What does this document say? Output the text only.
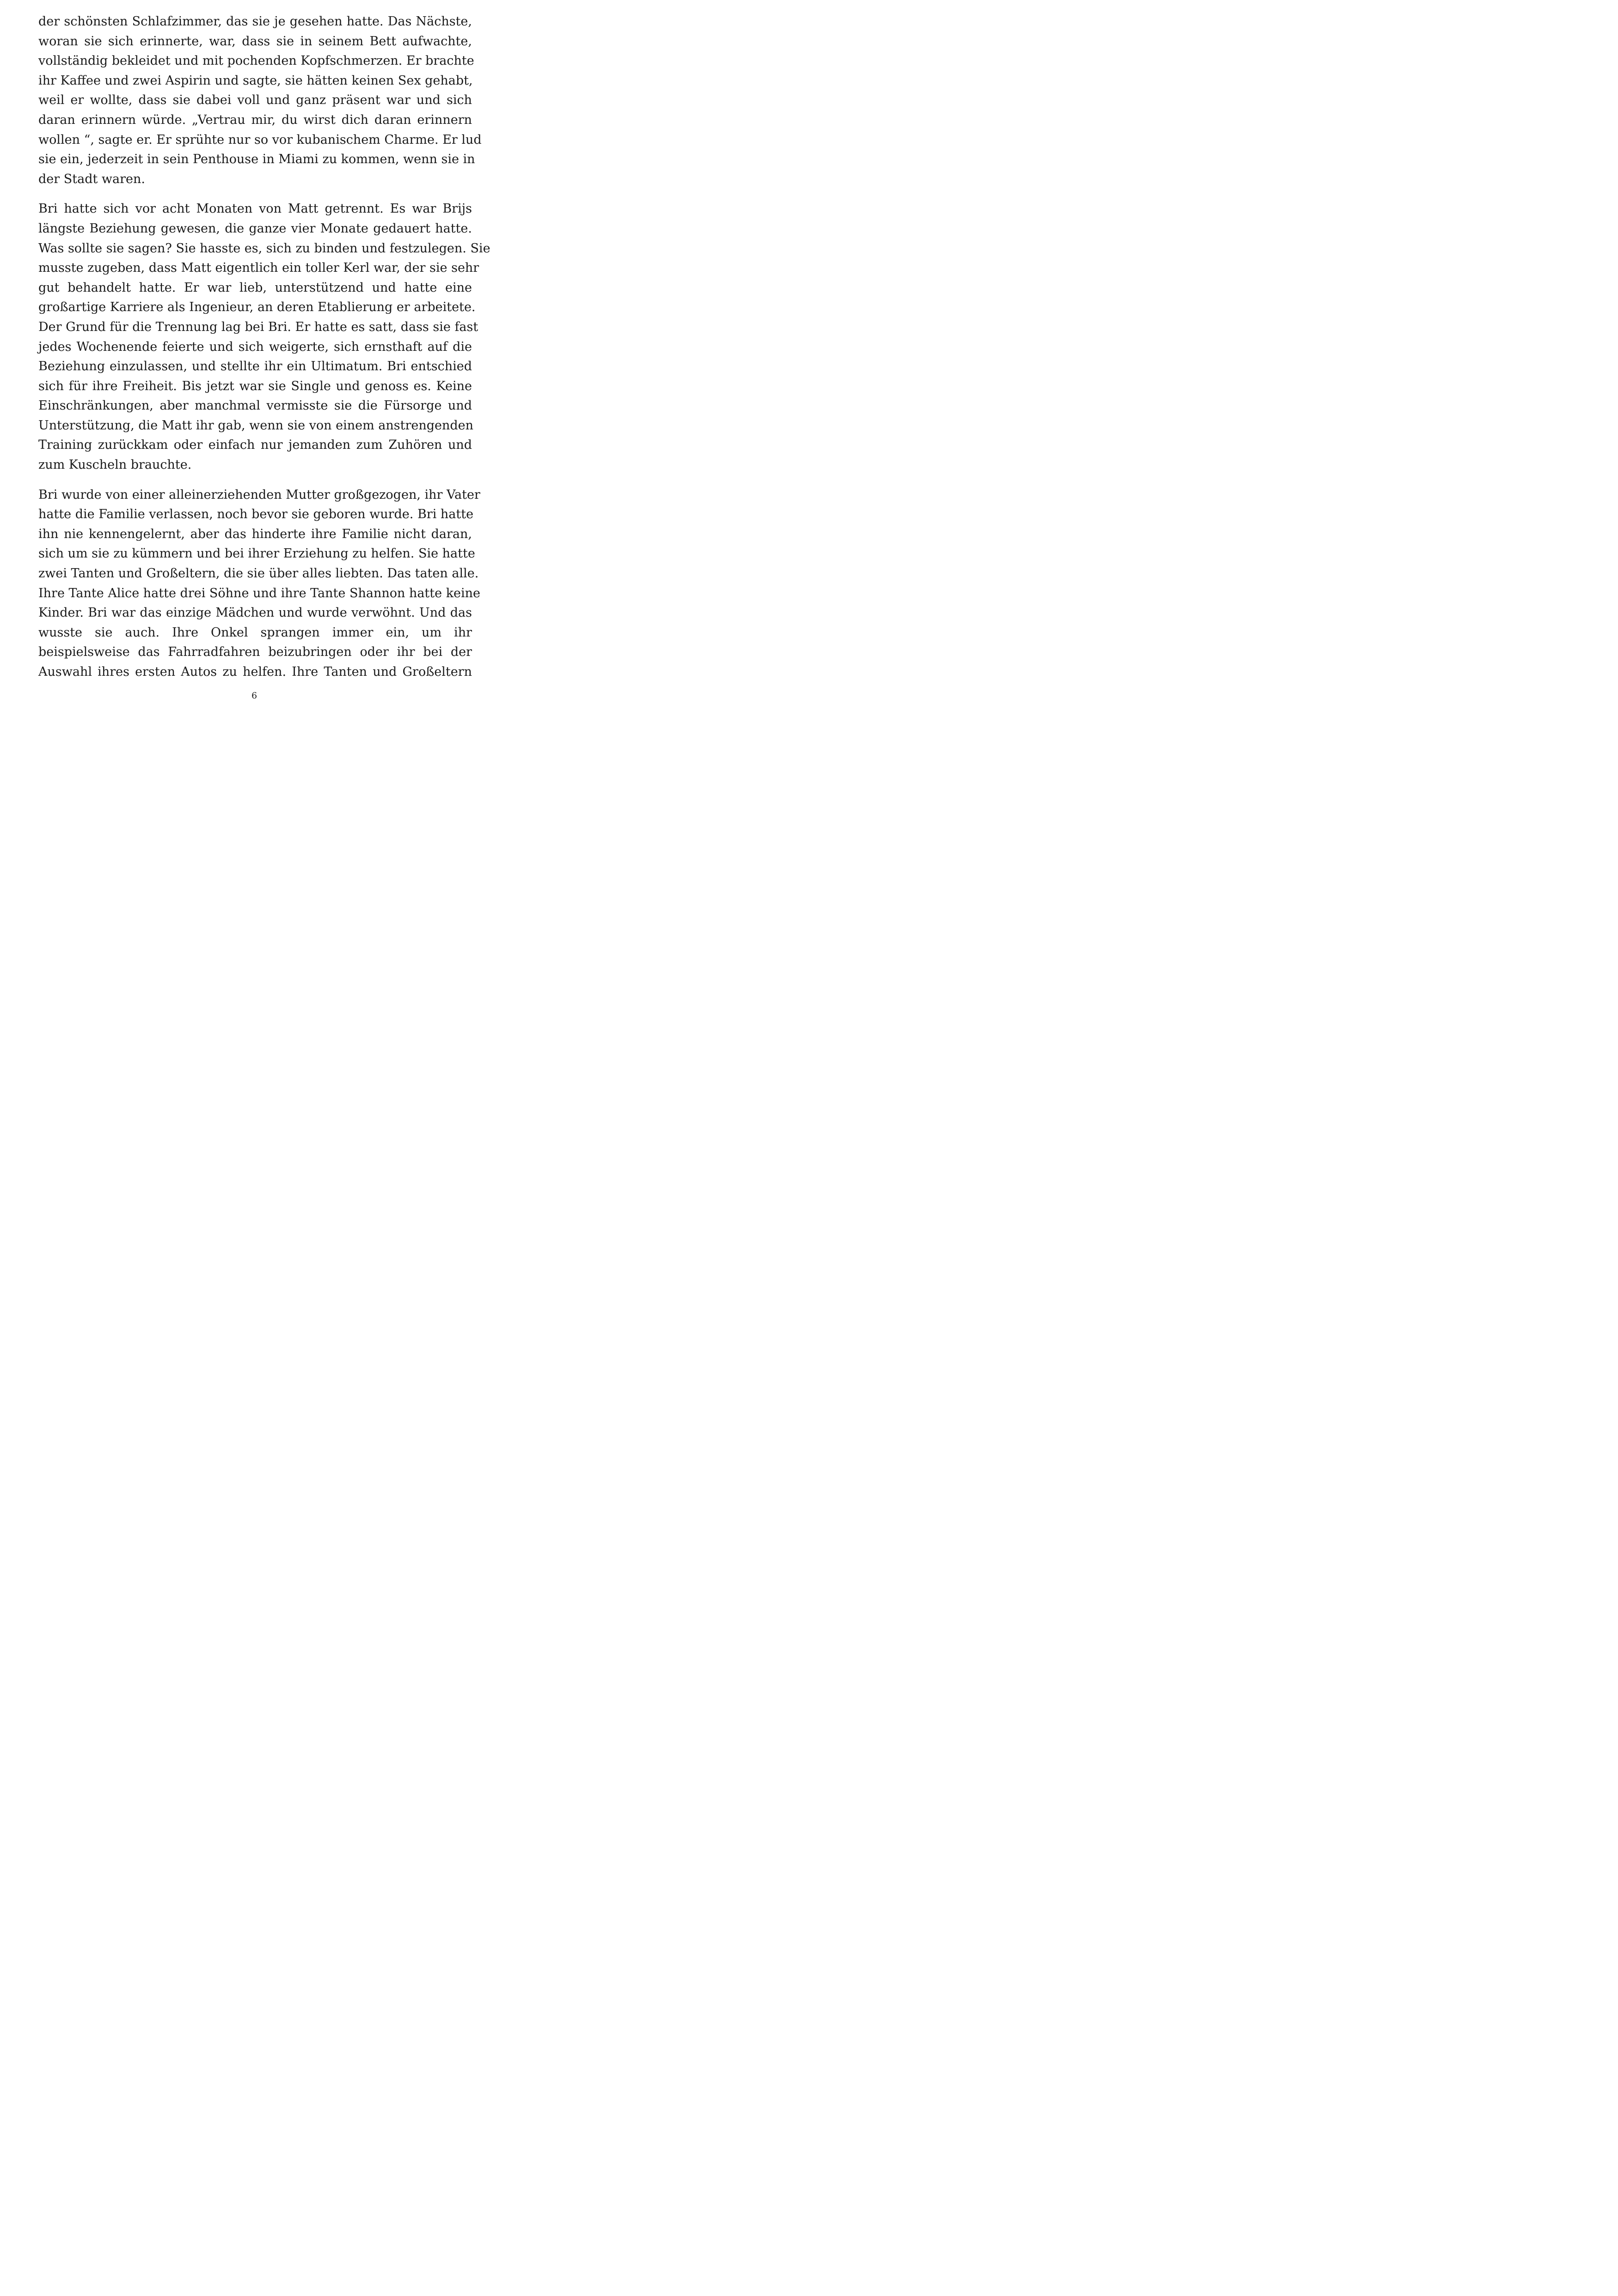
der schönsten Schlafzimmer, das sie je gesehen hatte. Das Nächste,
woran sie sich erinnerte, war, dass sie in seinem Bett aufwachte,
vollständig bekleidet und mit pochenden Kopfschmerzen. Er brachte
ihr Kaffee und zwei Aspirin und sagte, sie hätten keinen Sex gehabt,
weil er wollte, dass sie dabei voll und ganz präsent war und sich
daran erinnern würde. „Vertrau mir, du wirst dich daran erinnern
wollen “, sagte er. Er sprühte nur so vor kubanischem Charme. Er lud
sie ein, jederzeit in sein Penthouse in Miami zu kommen, wenn sie in
der Stadt waren.
Bri hatte sich vor acht Monaten von Matt getrennt. Es war Brijs
längste Beziehung gewesen, die ganze vier Monate gedauert hatte.
Was sollte sie sagen? Sie hasste es, sich zu binden und festzulegen. Sie
musste zugeben, dass Matt eigentlich ein toller Kerl war, der sie sehr
gut behandelt hatte. Er war lieb, unterstützend und hatte eine
großartige Karriere als Ingenieur, an deren Etablierung er arbeitete.
Der Grund für die Trennung lag bei Bri. Er hatte es satt, dass sie fast
jedes Wochenende feierte und sich weigerte, sich ernsthaft auf die
Beziehung einzulassen, und stellte ihr ein Ultimatum. Bri entschied
sich für ihre Freiheit. Bis jetzt war sie Single und genoss es. Keine
Einschränkungen, aber manchmal vermisste sie die Fürsorge und
Unterstützung, die Matt ihr gab, wenn sie von einem anstrengenden
Training zurückkam oder einfach nur jemanden zum Zuhören und
zum Kuscheln brauchte.
Bri wurde von einer alleinerziehenden Mutter großgezogen, ihr Vater
hatte die Familie verlassen, noch bevor sie geboren wurde. Bri hatte
ihn nie kennengelernt, aber das hinderte ihre Familie nicht daran,
sich um sie zu kümmern und bei ihrer Erziehung zu helfen. Sie hatte
zwei Tanten und Großeltern, die sie über alles liebten. Das taten alle.
Ihre Tante Alice hatte drei Söhne und ihre Tante Shannon hatte keine
Kinder. Bri war das einzige Mädchen und wurde verwöhnt. Und das
wusste sie auch. Ihre Onkel sprangen immer ein, um ihr
beispielsweise das Fahrradfahren beizubringen oder ihr bei der
Auswahl ihres ersten Autos zu helfen. Ihre Tanten und Großeltern
6
